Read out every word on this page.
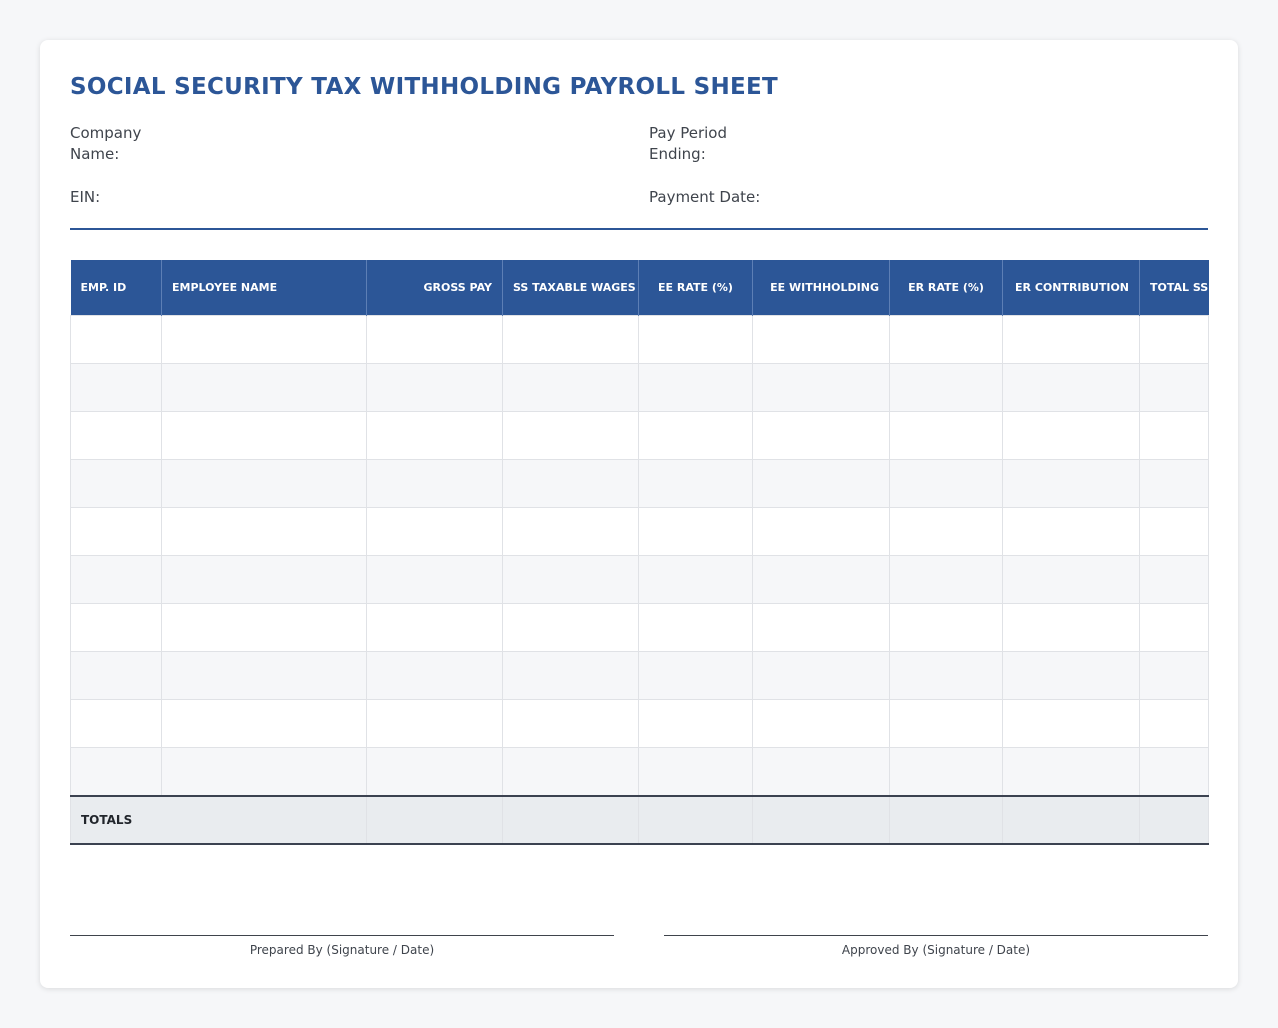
SOCIAL SECURITY TAX WITHHOLDING PAYROLL SHEET
Company Name:
Pay Period Ending:
EIN:	Payment Date:
EMP. ID	EMPLOYEE NAME	GROSS PAY	SS TAXABLE WAGES	EE RATE (%)	EE WITHHOLDING	ER RATE (%)	ER CONTRIBUTION	TOTAL SS TAX

TOTALS								
Prepared By (Signature / Date)	Approved By (Signature / Date)
